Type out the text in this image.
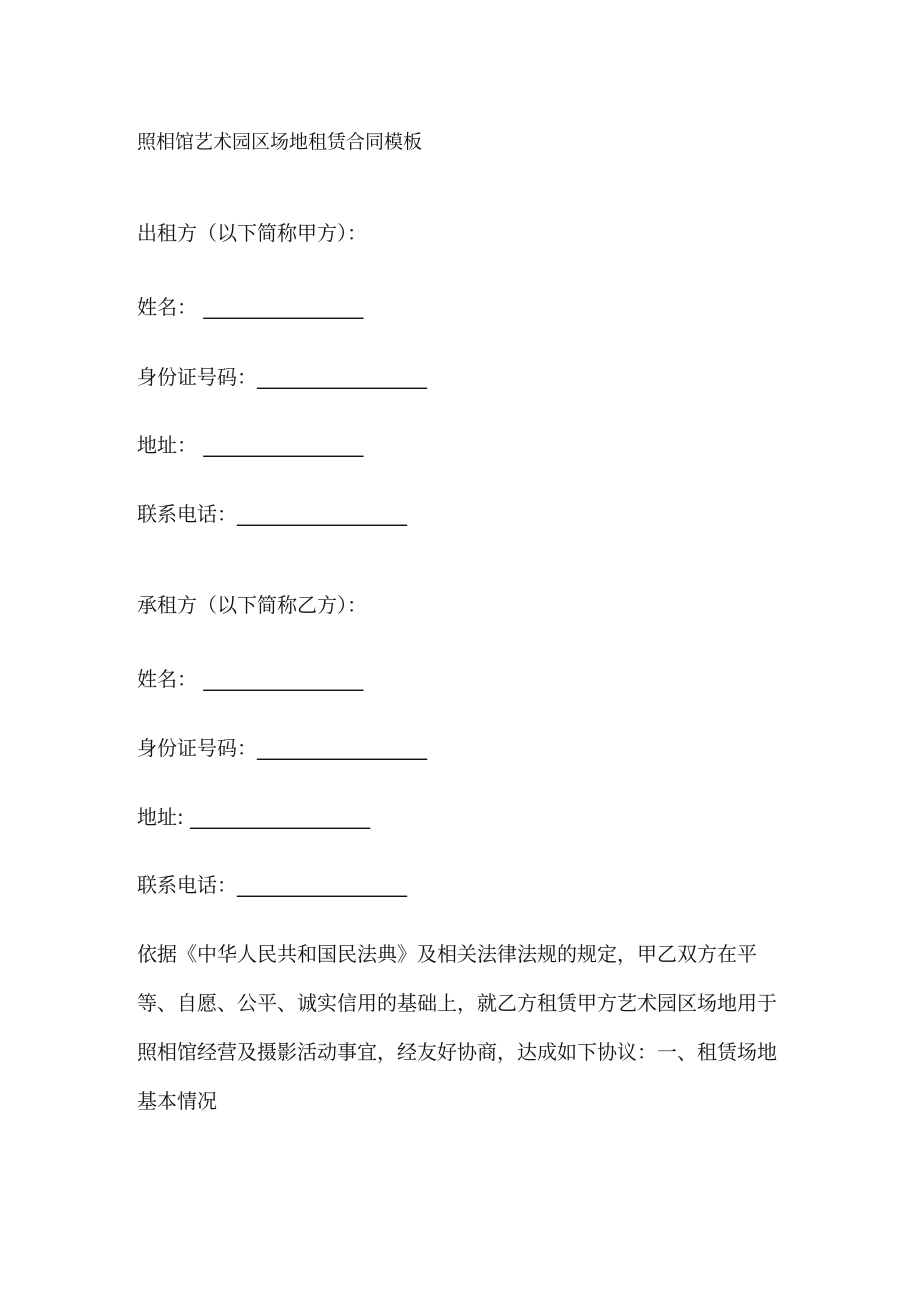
照相馆艺术园区场地租赁合同模板
出租方（以下简称甲方）：
姓名： ________________
身份证号码：_________________
地址： ________________
联系电话：_________________
承租方（以下简称乙方）：
姓名： ________________
身份证号码：_________________
地址: __________________
联系电话：_________________
依据《中华人民共和国民法典》及相关法律法规的规定，甲乙双方在平
等、自愿、公平、诚实信用的基础上，就乙方租赁甲方艺术园区场地用于
照相馆经营及摄影活动事宜，经友好协商，达成如下协议：一、租赁场地
基本情况
